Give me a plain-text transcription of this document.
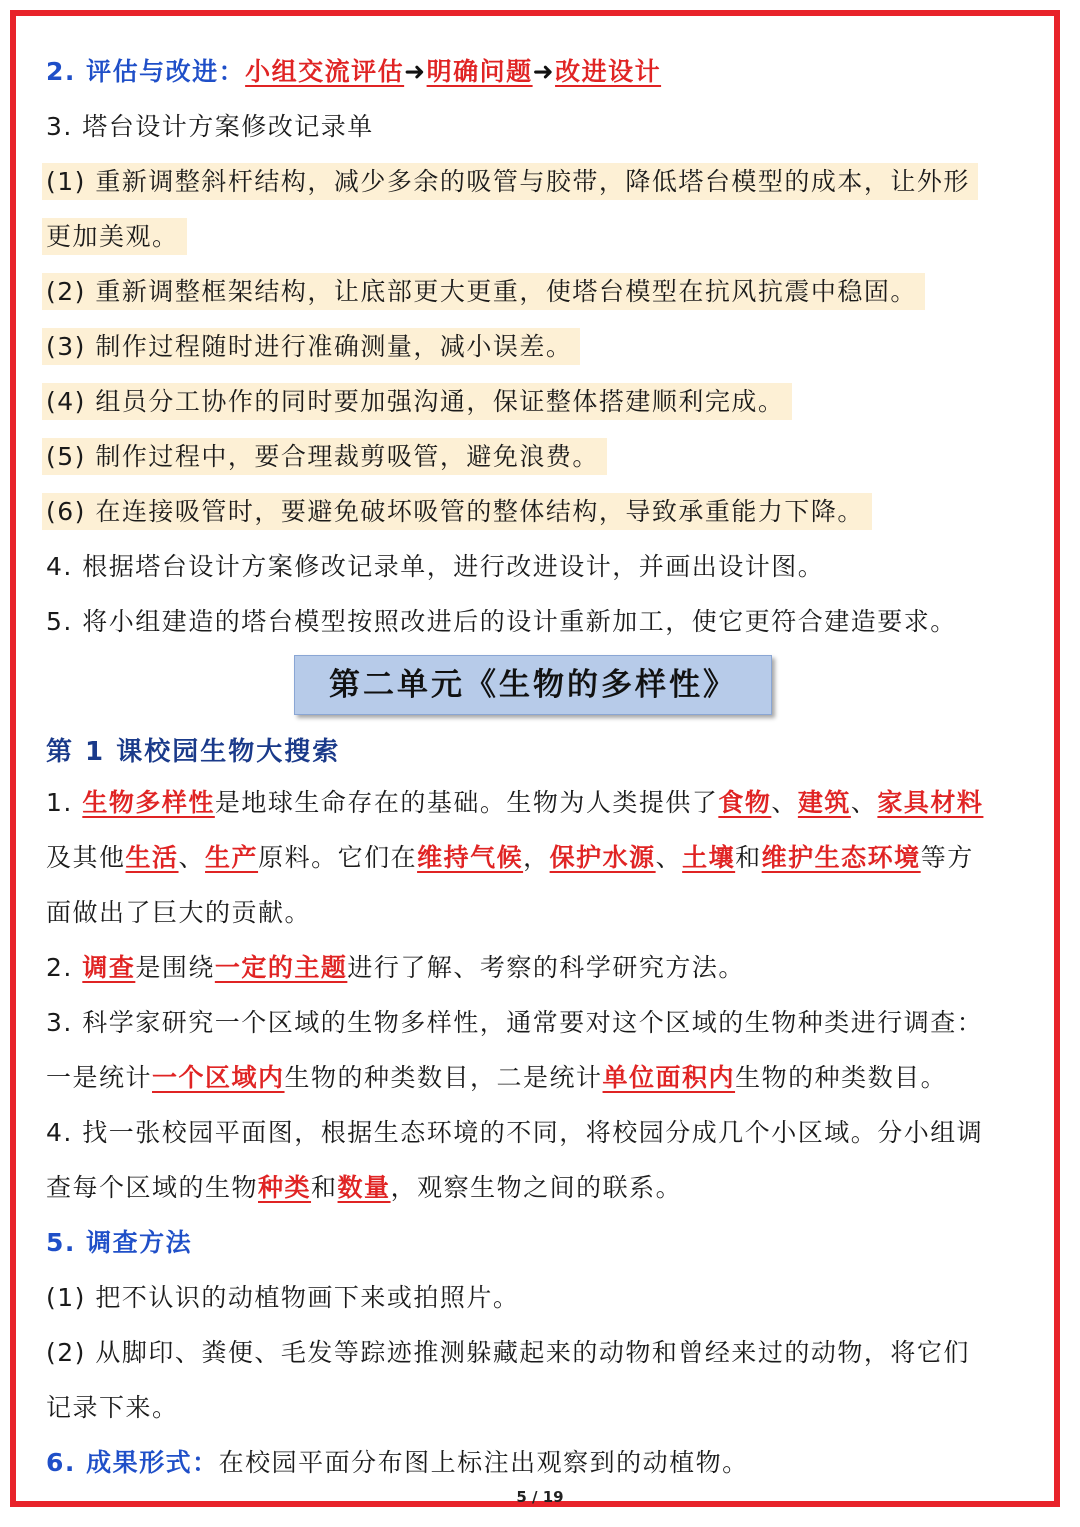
2. 评估与改进：小组交流评估➜明确问题➜改进设计
3. 塔台设计方案修改记录单
(1) 重新调整斜杆结构，减少多余的吸管与胶带，降低塔台模型的成本，让外形
更加美观。
(2) 重新调整框架结构，让底部更大更重，使塔台模型在抗风抗震中稳固。
(3) 制作过程随时进行准确测量，减小误差。
(4) 组员分工协作的同时要加强沟通，保证整体搭建顺利完成。
(5) 制作过程中，要合理裁剪吸管，避免浪费。
(6) 在连接吸管时，要避免破坏吸管的整体结构，导致承重能力下降。
4. 根据塔台设计方案修改记录单，进行改进设计，并画出设计图。
5. 将小组建造的塔台模型按照改进后的设计重新加工，使它更符合建造要求。
第二单元《生物的多样性》
第 1 课校园生物大搜索
1. 生物多样性是地球生命存在的基础。生物为人类提供了食物、建筑、家具材料
及其他生活、生产原料。它们在维持气候，保护水源、土壤和维护生态环境等方
面做出了巨大的贡献。
2. 调查是围绕一定的主题进行了解、考察的科学研究方法。
3. 科学家研究一个区域的生物多样性，通常要对这个区域的生物种类进行调查：
一是统计一个区域内生物的种类数目，二是统计单位面积内生物的种类数目。
4. 找一张校园平面图，根据生态环境的不同，将校园分成几个小区域。分小组调
查每个区域的生物种类和数量，观察生物之间的联系。
5. 调查方法
(1) 把不认识的动植物画下来或拍照片。
(2) 从脚印、粪便、毛发等踪迹推测躲藏起来的动物和曾经来过的动物，将它们
记录下来。
6. 成果形式：在校园平面分布图上标注出观察到的动植物。
5 / 19
